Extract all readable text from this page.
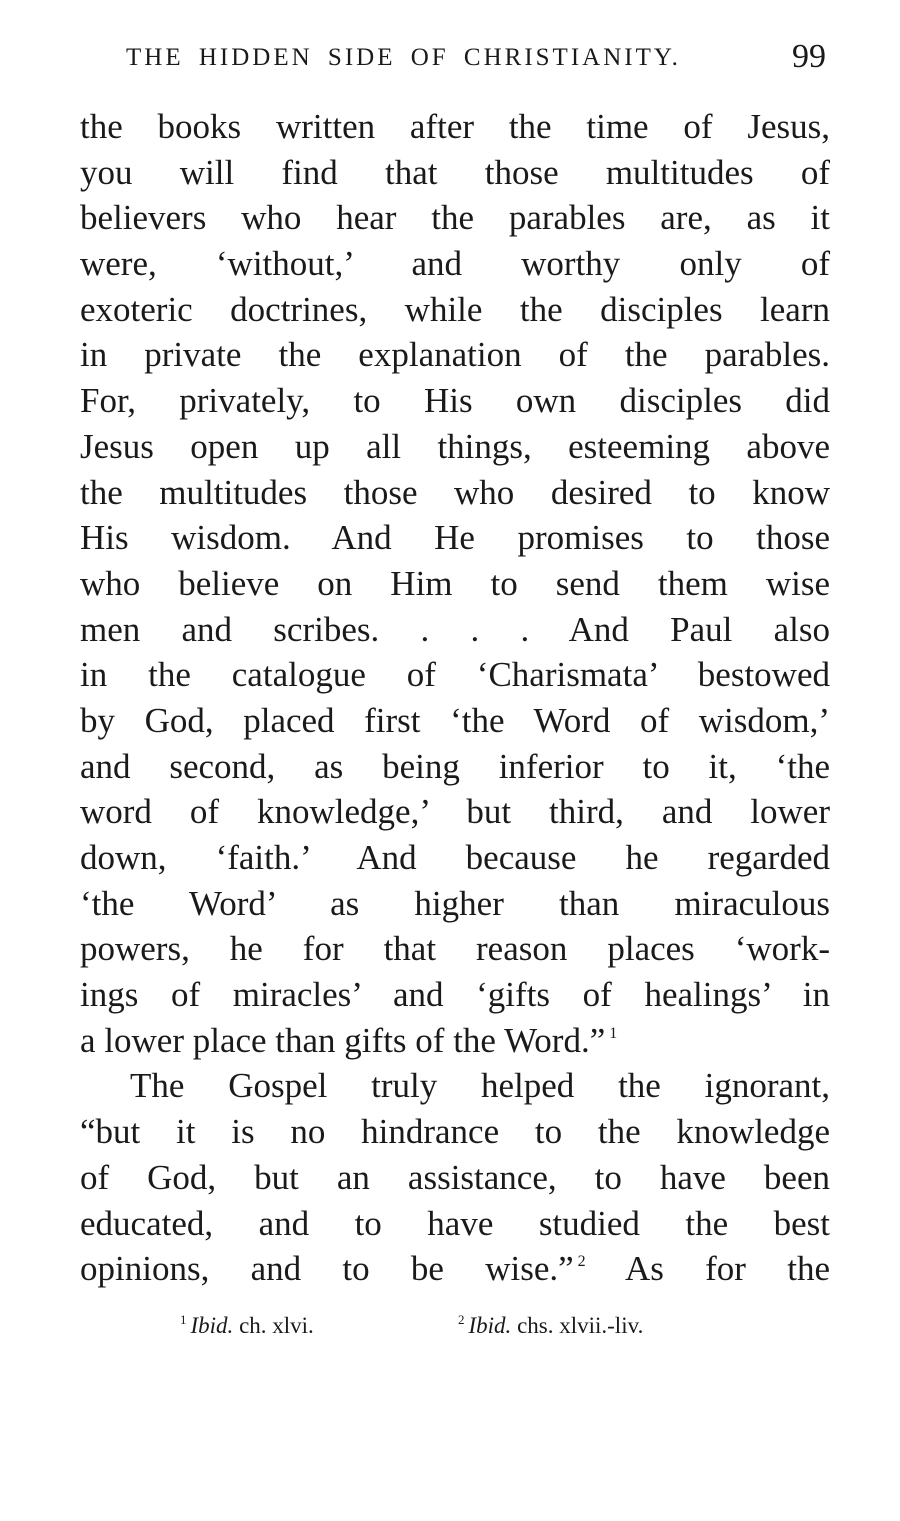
THE HIDDEN SIDE OF CHRISTIANITY.	99
the books written after the time of Jesus,
you will find that those multitudes of
believers who hear the parables are, as it
were, ‘without,’ and worthy only of
exoteric doctrines, while the disciples learn
in private the explanation of the parables.
For, privately, to His own disciples did
Jesus open up all things, esteeming above
the multitudes those who desired to know
His wisdom. And He promises to those
who believe on Him to send them wise
men and scribes. . . . And Paul also
in the catalogue of ‘Charismata’ bestowed
by God, placed first ‘the Word of wisdom,’
and second, as being inferior to it, ‘the
word of knowledge,’ but third, and lower
down, ‘faith.’ And because he regarded
‘the Word’ as higher than miraculous
powers, he for that reason places ‘work-
ings of miracles’ and ‘gifts of healings’ in
a lower place than gifts of the Word.” $^1$
The Gospel truly helped the ignorant,
“but it is no hindrance to the knowledge
of God, but an assistance, to have been
educated, and to have studied the best
opinions, and to be wise.” $^2$ As for the
$^1$ Ibid. ch. xlvi.	$^2$ Ibid. chs. xlvii.-liv.
